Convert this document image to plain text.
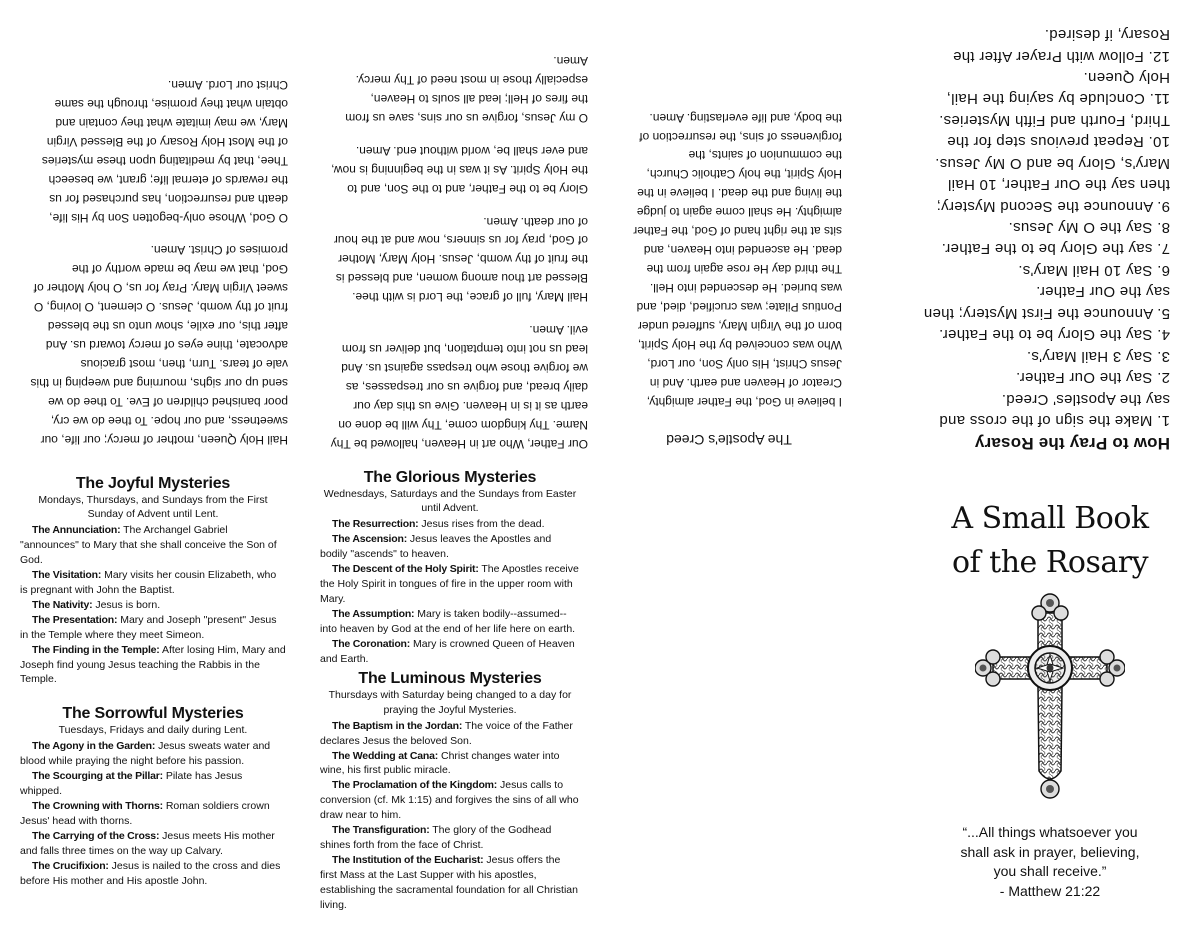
How to Pray the Rosary
1. Make the sign of the cross and say the Apostles' Creed.
2. Say the Our Father.
3. Say 3 Hail Mary's.
4. Say the Glory be to the Father.
5. Announce the First Mystery; then say the Our Father.
6. Say 10 Hail Mary's.
7. say the Glory be to the Father.
8. Say the O My Jesus.
9. Announce the Second Mystery; then say the Our Father, 10 Hail Mary's, Glory be and O My Jesus.
10. Repeat previous step for the Third, Fourth and Fifth Mysteries.
11. Conclude by saying the Hail, Holy Queen.
12. Follow with Prayer After the Rosary, if desired.
The Apostle's Creed

I believe in God, the Father almighty, Creator of Heaven and earth. And in Jesus Christ, His only Son, our Lord, Who was conceived by the Holy Spirit, born of the Virgin Mary, suffered under Pontius Pilate; was crucified, died, and was buried. He descended into Hell. The third day He rose again from the dead. He ascended into Heaven, and sits at the right hand of God, the Father almighty. He shall come again to judge the living and the dead. I believe in the Holy Spirit, the holy Catholic Church, the communion of saints, the forgiveness of sins, the resurrection of the body, and life everlasting. Amen.

Our Father, Who art in Heaven, hallowed be Thy Name. Thy kingdom come, Thy will be done on earth as it is in Heaven. Give us this day our daily bread, and forgive us our trespasses, as we forgive those who trespass against us. And lead us not into temptation, but deliver us from evil. Amen.

Hail Mary, full of grace, the Lord is with thee. Blessed art thou among women, and blessed is the fruit of thy womb, Jesus. Holy Mary, Mother of God, pray for us sinners, now and at the hour of our death. Amen.

Glory be to the Father, and to the Son, and to the Holy Spirit. As it was in the beginning is now, and ever shall be, world without end. Amen.

O my Jesus, forgive us our sins, save us from the fires of Hell; lead all souls to Heaven, especially those in most need of Thy mercy. Amen.

Hail Holy Queen, mother of mercy; our life, our sweetness, and our hope. To thee do we cry, poor banished children of Eve. To thee do we send up our sighs, mourning and weeping in this vale of tears. Turn, then, most gracious advocate, thine eyes of mercy toward us. And after this, our exile, show unto us the blessed fruit of thy womb, Jesus. O clement, O loving, O sweet Virgin Mary. Pray for us, O holy Mother of God, that we may be made worthy of the promises of Christ. Amen.

O God, Whose only-begotten Son by His life, death and resurrection, has purchased for us the rewards of eternal life; grant, we beseech Thee, that by meditating upon these mysteries of the Most Holy Rosary of the Blessed Virgin Mary, we may imitate what they contain and obtain what they promise, through the same Christ our Lord. Amen.

The Joyful Mysteries
Mondays, Thursdays, and Sundays from the First Sunday of Advent until Lent.
The Annunciation: The Archangel Gabriel "announces" to Mary that she shall conceive the Son of God.
The Visitation: Mary visits her cousin Elizabeth, who is pregnant with John the Baptist.
The Nativity: Jesus is born.
The Presentation: Mary and Joseph "present" Jesus in the Temple where they meet Simeon.
The Finding in the Temple: After losing Him, Mary and Joseph find young Jesus teaching the Rabbis in the Temple.
The Sorrowful Mysteries
Tuesdays, Fridays and daily during Lent.
The Agony in the Garden: Jesus sweats water and blood while praying the night before his passion.
The Scourging at the Pillar: Pilate has Jesus whipped.
The Crowning with Thorns: Roman soldiers crown Jesus' head with thorns.
The Carrying of the Cross: Jesus meets His mother and falls three times on the way up Calvary.
The Crucifixion: Jesus is nailed to the cross and dies before His mother and His apostle John.
The Glorious Mysteries
Wednesdays, Saturdays and the Sundays from Easter until Advent.
The Resurrection: Jesus rises from the dead.
The Ascension: Jesus leaves the Apostles and bodily "ascends" to heaven.
The Descent of the Holy Spirit: The Apostles receive the Holy Spirit in tongues of fire in the upper room with Mary.
The Assumption: Mary is taken bodily--assumed--into heaven by God at the end of her life here on earth.
The Coronation: Mary is crowned Queen of Heaven and Earth.
The Luminous Mysteries
Thursdays with Saturday being changed to a day for praying the Joyful Mysteries.
The Baptism in the Jordan: The voice of the Father declares Jesus the beloved Son.
The Wedding at Cana: Christ changes water into wine, his first public miracle.
The Proclamation of the Kingdom: Jesus calls to conversion (cf. Mk 1:15) and forgives the sins of all who draw near to him.
The Transfiguration: The glory of the Godhead shines forth from the face of Christ.
The Institution of the Eucharist: Jesus offers the first Mass at the Last Supper with his apostles, establishing the sacramental foundation for all Christian living.
A Small Book
of the Rosary
“...All things whatsoever you
shall ask in prayer, believing,
you shall receive.”
- Matthew 21:22
